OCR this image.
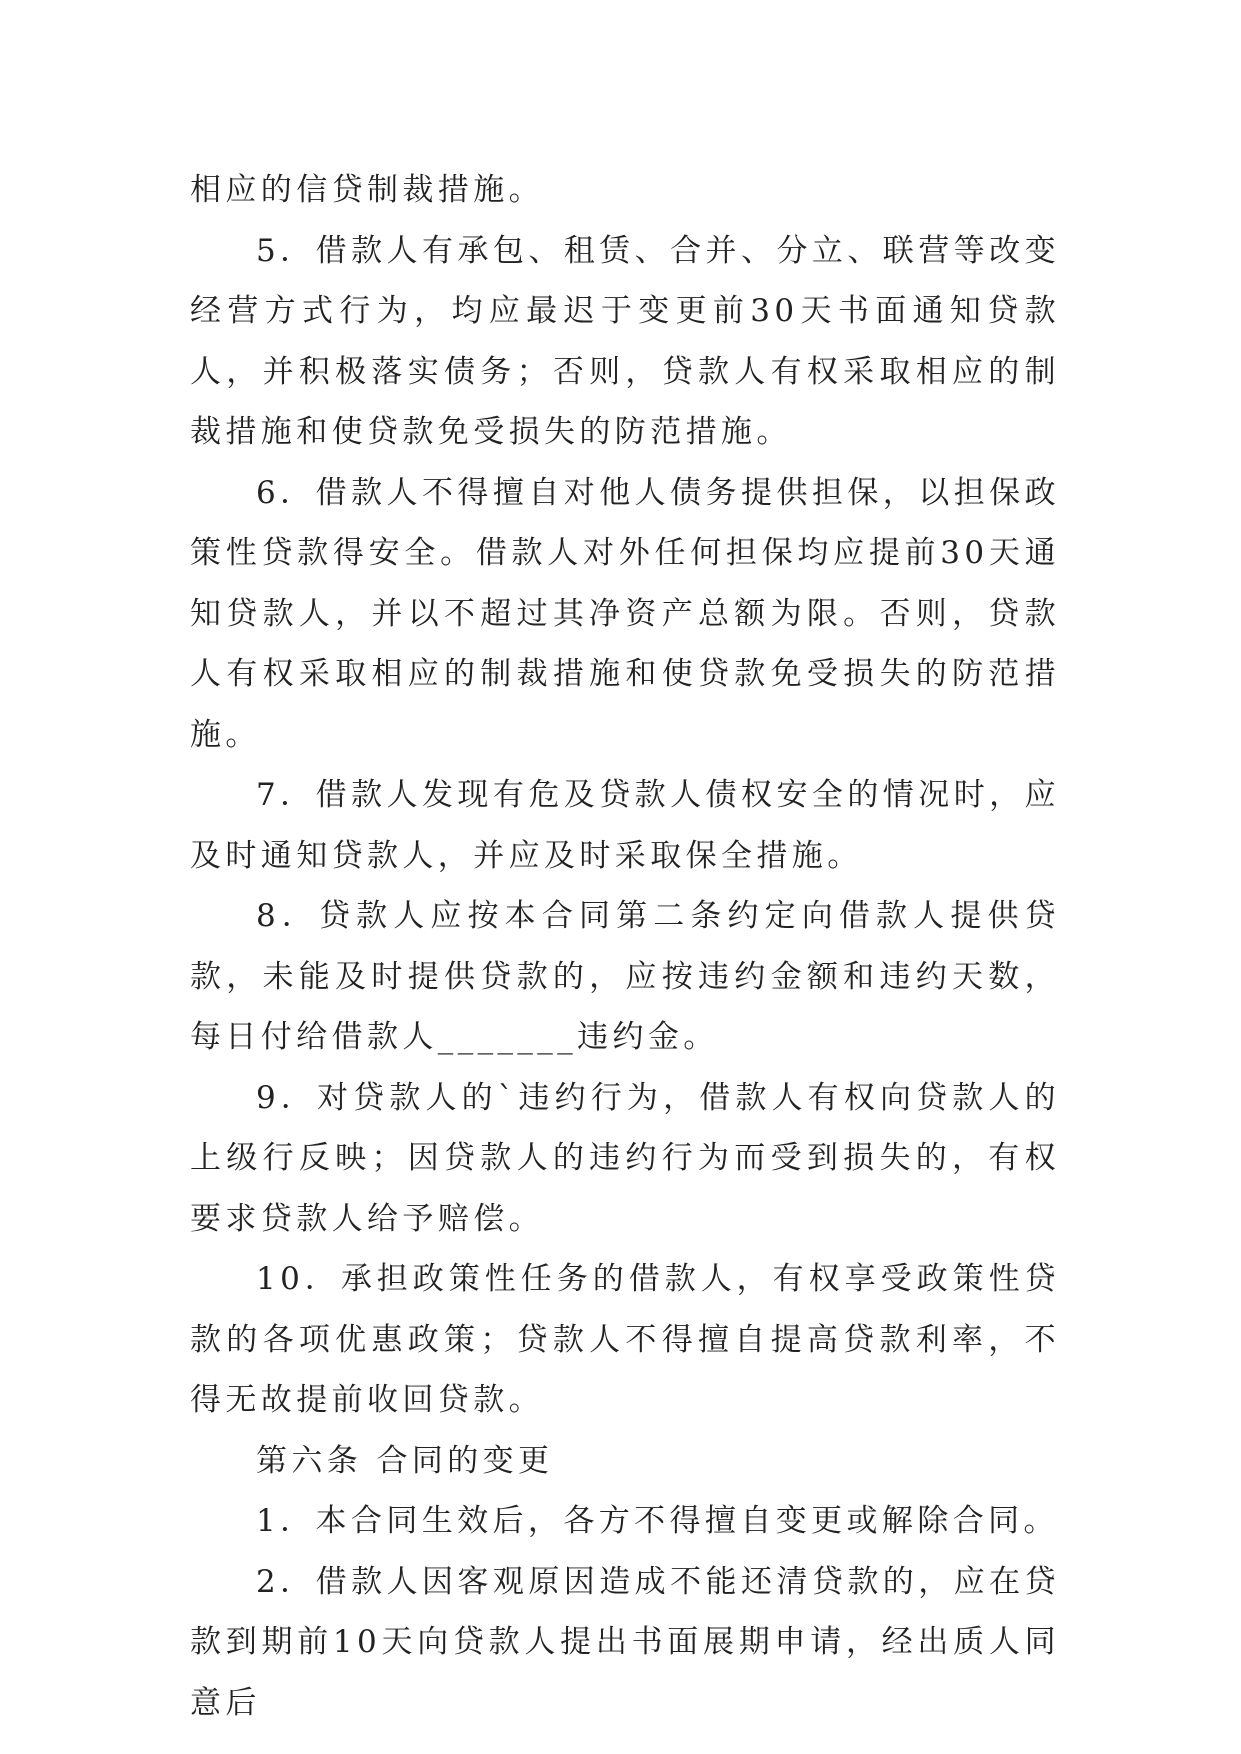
相应的信贷制裁措施。

5．借款人有承包、租赁、合并、分立、联营等改变经营方式行为，均应最迟于变更前30天书面通知贷款人，并积极落实债务；否则，贷款人有权采取相应的制裁措施和使贷款免受损失的防范措施。

6．借款人不得擅自对他人债务提供担保，以担保政策性贷款得安全。借款人对外任何担保均应提前30天通知贷款人，并以不超过其净资产总额为限。否则，贷款人有权采取相应的制裁措施和使贷款免受损失的防范措施。

7．借款人发现有危及贷款人债权安全的情况时，应及时通知贷款人，并应及时采取保全措施。

8．贷款人应按本合同第二条约定向借款人提供贷款，未能及时提供贷款的，应按违约金额和违约天数，每日付给借款人_______违约金。

9．对贷款人的`违约行为，借款人有权向贷款人的上级行反映；因贷款人的违约行为而受到损失的，有权要求贷款人给予赔偿。

10．承担政策性任务的借款人，有权享受政策性贷款的各项优惠政策；贷款人不得擅自提高贷款利率，不得无故提前收回贷款。

第六条 合同的变更

1．本合同生效后，各方不得擅自变更或解除合同。

2．借款人因客观原因造成不能还清贷款的，应在贷款到期前10天向贷款人提出书面展期申请，经出质人同意后
